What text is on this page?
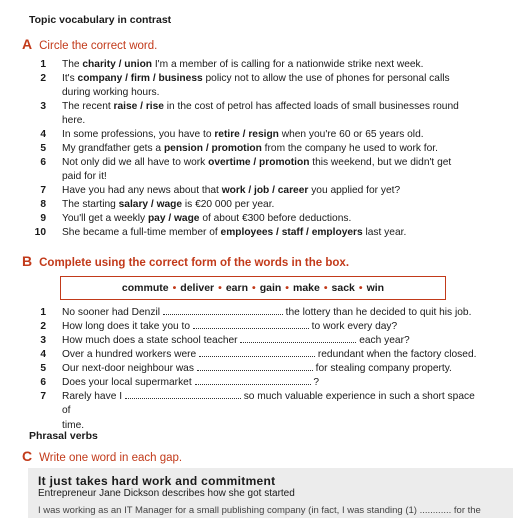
Topic vocabulary in contrast
A Circle the correct word.
1 The charity / union I'm a member of is calling for a nationwide strike next week.
2 It's company / firm / business policy not to allow the use of phones for personal calls
during working hours.
3 The recent raise / rise in the cost of petrol has affected loads of small businesses round
here.
4 In some professions, you have to retire / resign when you're 60 or 65 years old.
5 My grandfather gets a pension / promotion from the company he used to work for.
6 Not only did we all have to work overtime / promotion this weekend, but we didn't get
paid for it!
7 Have you had any news about that work / job / career you applied for yet?
8 The starting salary / wage is €20 000 per year.
9 You'll get a weekly pay / wage of about €300 before deductions.
10 She became a full-time member of employees / staff / employers last year.
B Complete using the correct form of the words in the box.
commute • deliver • earn • gain • make • sack • win
1 No sooner had Denzil	the lottery than he decided to quit his job.
2 How long does it take you to	to work every day?
3 How much does a state school teacher	each year?
4 Over a hundred workers were	redundant when the factory closed.
5 Our next-door neighbour was	for stealing company property.
6 Does your local supermarket	?
7 Rarely have I	so much valuable experience in such a short space of
time.
Phrasal verbs
C Write one word in each gap.
It just takes hard work and commitment
Entrepreneur Jane Dickson describes how she got started
I was working as an IT Manager for a small publishing company (in fact, I was standing (1) ............ for the
